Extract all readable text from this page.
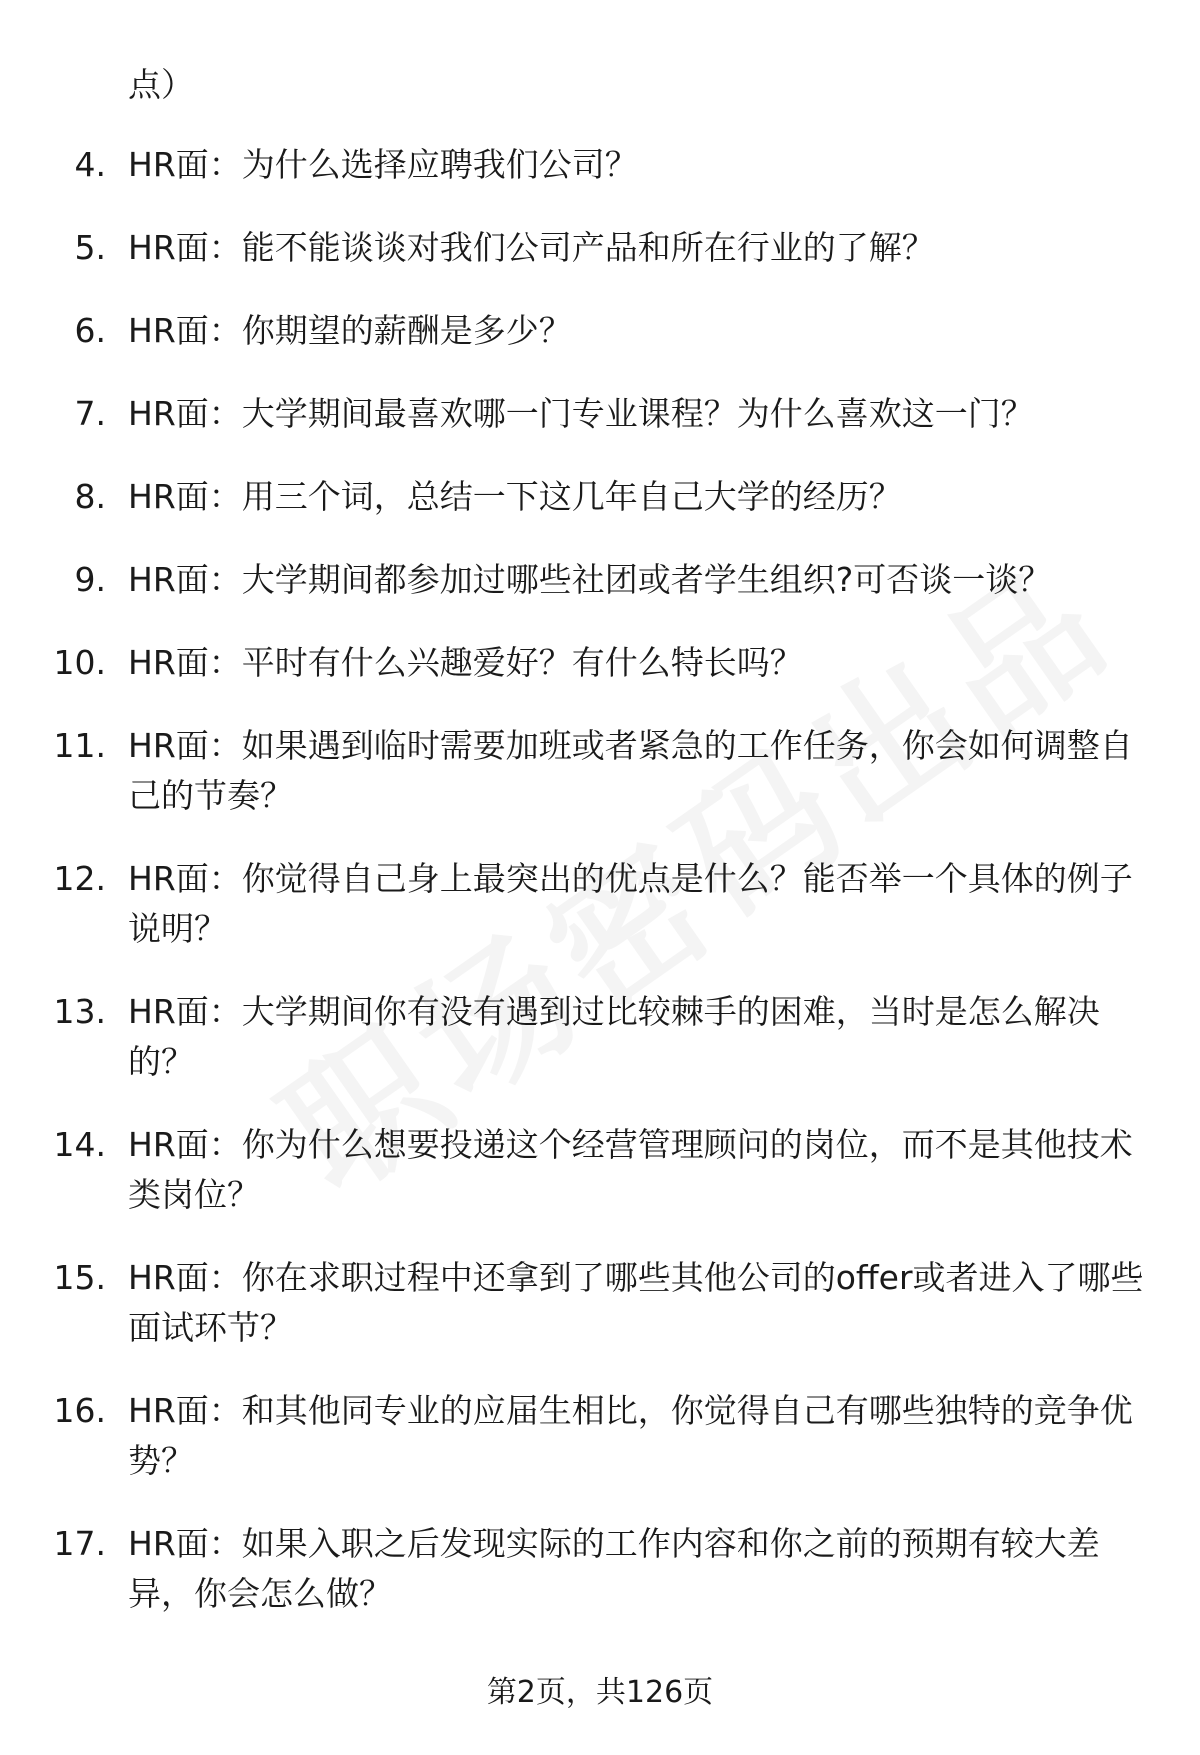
点）

4. HR面：为什么选择应聘我们公司？
5. HR面：能不能谈谈对我们公司产品和所在行业的了解？
6. HR面：你期望的薪酬是多少？
7. HR面：大学期间最喜欢哪一门专业课程？为什么喜欢这一门？
8. HR面：用三个词，总结一下这几年自己大学的经历？
9. HR面：大学期间都参加过哪些社团或者学生组织?可否谈一谈？
10. HR面：平时有什么兴趣爱好？有什么特长吗？
11. HR面：如果遇到临时需要加班或者紧急的工作任务，你会如何调整自己的节奏？
12. HR面：你觉得自己身上最突出的优点是什么？能否举一个具体的例子说明？
13. HR面：大学期间你有没有遇到过比较棘手的困难，当时是怎么解决的？
14. HR面：你为什么想要投递这个经营管理顾问的岗位，而不是其他技术类岗位？
15. HR面：你在求职过程中还拿到了哪些其他公司的offer或者进入了哪些面试环节？
16. HR面：和其他同专业的应届生相比，你觉得自己有哪些独特的竞争优势？
17. HR面：如果入职之后发现实际的工作内容和你之前的预期有较大差异，你会怎么做？

第2页，共126页
